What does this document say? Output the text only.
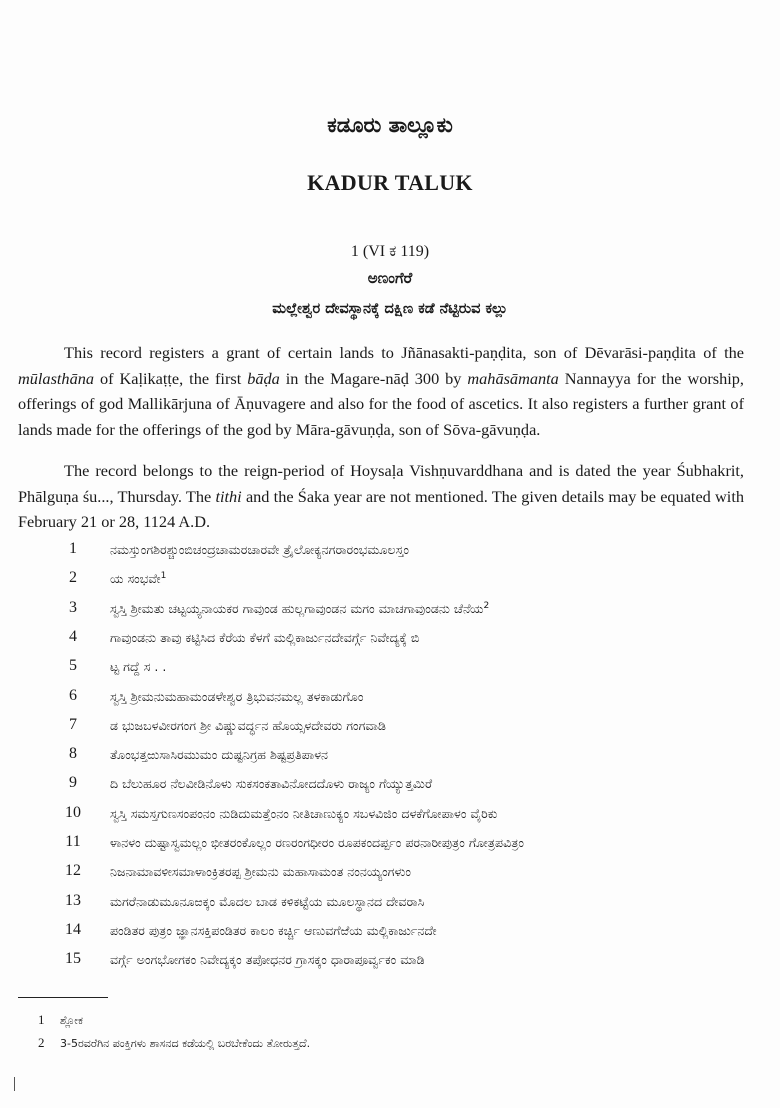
ಕಡೂರು ತಾಲ್ಲೂಕು
KADUR TALUK
1 (VI ಕ 119)
ಅಣಂಗೆರೆ
ಮಲ್ಲೇಶ್ವರ ದೇವಸ್ಥಾನಕ್ಕೆ ದಕ್ಷಿಣ ಕಡೆ ನೆಟ್ಟಿರುವ ಕಲ್ಲು

This record registers a grant of certain lands to Jñānasakti-paṇḍita, son of Dēvarāsi-paṇḍita of the mūlasthāna of Kaḷikaṭṭe, the first bāḍa in the Magare-nāḍ 300 by mahāsāmanta Nannayya for the worship, offerings of god Mallikārjuna of Āṇuvagere and also for the food of ascetics. It also registers a further grant of lands made for the offerings of the god by Māra-gāvuṇḍa, son of Sōva-gāvuṇḍa.

The record belongs to the reign-period of Hoysaḷa Vishṇuvarddhana and is dated the year Śubhakrit, Phālguṇa śu..., Thursday. The tithi and the Śaka year are not mentioned. The given details may be equated with February 21 or 28, 1124 A.D.

1	ನಮಸ್ತುಂಗಶಿರಶ್ಚುಂಬಿಚಂದ್ರಚಾಮರಚಾರವೇ ತ್ರೈಲೋಕ್ಯನಗರಾರಂಭಮೂಲಸ್ತಂ
2	ಯ ಸಂಭವೇ$^1$
3	ಸ್ವಸ್ತಿ ಶ್ರೀಮತು ಚಟ್ಟಯ್ಯನಾಯಕರ ಗಾವುಂಡ ಹುಲ್ಲಗಾವುಂಡನ ಮಗಂ ಮಾಚಗಾವುಂಡನು ಚೆನೆಯ$^2$
4	ಗಾವುಂಡನು ತಾವು ಕಟ್ಟಿಸಿದ ಕೆರೆಯ ಕೆಳಗೆ ಮಲ್ಲಿಕಾರ್ಜುನದೇವರ್ಗ್ಗೆ ನಿವೇದ್ಯಕ್ಕೆ ಬಿ
5	ಟ್ಟ ಗದ್ದೆ ಸ . .
6	ಸ್ವಸ್ತಿ ಶ್ರೀಮನುಮಹಾಮಂಡಳೇಶ್ವರ ತ್ರಿಭುವನಮಲ್ಲ ತಳಕಾಡುಗೊಂ
7	ಡ ಭುಜಬಳವೀರಗಂಗ ಶ್ರೀ ವಿಷ್ಣುವರ್ದ್ಧನ ಹೊಯ್ಸಳದೇವರು ಗಂಗವಾಡಿ
8	ತೊಂಭತ್ತಱುಸಾಸಿರಮುಮಂ ದುಷ್ಟನಿಗ್ರಹ ಶಿಷ್ಟಪ್ರತಿಪಾಳನ
9	ದಿ ಬೆಲುಹೂರ ನೆಲವೀಡಿನೊಳು ಸುಕಸಂಕತಾವಿನೋದದೊಳು ರಾಜ್ಯಂ ಗೆಯ್ಯುತ್ತಮಿರೆ
10	ಸ್ವಸ್ತಿ ಸಮಸ್ತಗುಣಸಂಪಂನಂ ನುಡಿದುಮತ್ತೆಂನಂ ನೀತಿಚಾಣುಕ್ಯಂ ಸಬಳವಿಜಿಂ ದಳಕೆಗೋಪಾಳಂ ವೈರಿಕು
11	ಳಾನಳಂ ದುಷ್ಟಾಸ್ವಮಲ್ಲಂ ಭೀತರಂಕೊಲ್ಲಂ ರಣರಂಗಧೀರಂ ರೂಪಕಂದರ್ಪ್ಪಂ ಪರನಾರೀಪುತ್ರಂ ಗೋತ್ರಪವಿತ್ರಂ
12	ನಿಜನಾಮಾವಳೀಸಮಾಳಾಂಕ್ರಿತರಪ್ಪ ಶ್ರೀಮನು ಮಹಾಸಾಮಂತ ನಂನಯ್ಯಂಗಳುಂ
13	ಮಗರೆನಾಡುಮೂನೂಱಕ್ಕಂ ಮೊದಲ ಬಾಡ ಕಳಿಕಟ್ಟೆಯ ಮೂಲಸ್ಥಾನದ ದೇವರಾಸಿ
14	ಪಂಡಿತರ ಪುತ್ರಂ ಜ್ಞಾನಸಕ್ತಿಪಂಡಿತರ ಕಾಲಂ ಕರ್ಚ್ಚಿ ಆಣುವಗೆಱೆಯ ಮಲ್ಲಿಕಾರ್ಜುನದೇ
15	ವರ್ಗ್ಗೆ ಅಂಗಭೋಗಕಂ ನಿವೇದ್ಯಕ್ಕಂ ತಪೋಧನರ ಗ್ರಾಸಕ್ಕಂ ಧಾರಾಪೂರ್ವ್ವಕಂ ಮಾಡಿ
1 ಶ್ಲೋಕ
2 3-5ರವರೆಗಿನ ಪಂಕ್ತಿಗಳು ಶಾಸನದ ಕಡೆಯಲ್ಲಿ ಬರಬೇಕೆಂದು ತೋರುತ್ತದೆ.
